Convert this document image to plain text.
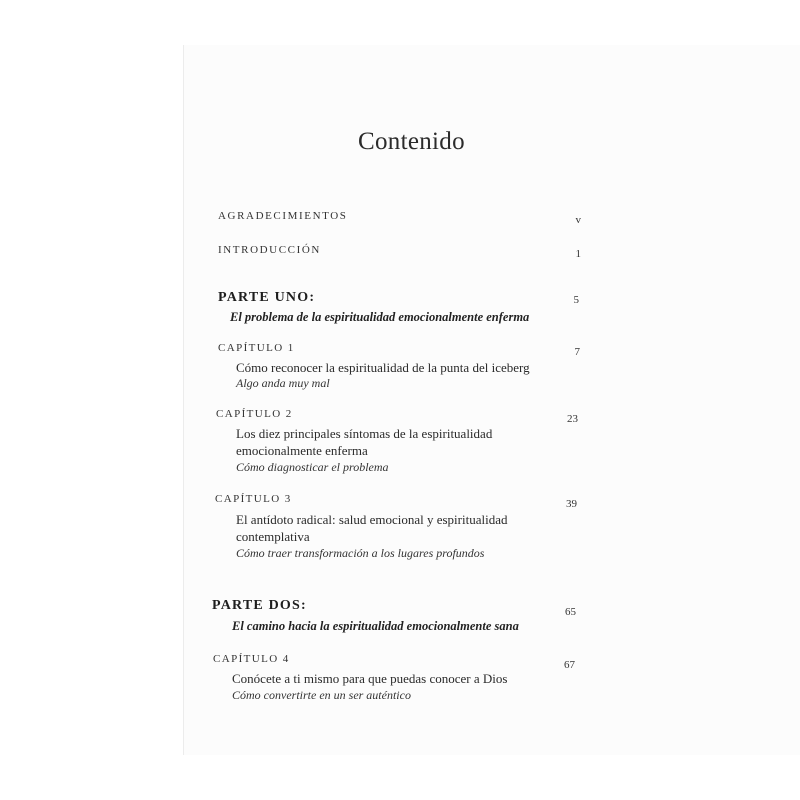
Contenido
AGRADECIMIENTOS	v
INTRODUCCIÓN	1
PARTE UNO:	5
El problema de la espiritualidad emocionalmente enferma
CAPÍTULO 1	7
Cómo reconocer la espiritualidad de la punta del iceberg
Algo anda muy mal
CAPÍTULO 2	23
Los diez principales síntomas de la espiritualidad
emocionalmente enferma
Cómo diagnosticar el problema
CAPÍTULO 3	39
El antídoto radical: salud emocional y espiritualidad
contemplativa
Cómo traer transformación a los lugares profundos
PARTE DOS:	65
El camino hacia la espiritualidad emocionalmente sana
CAPÍTULO 4	67
Conócete a ti mismo para que puedas conocer a Dios
Cómo convertirte en un ser auténtico
